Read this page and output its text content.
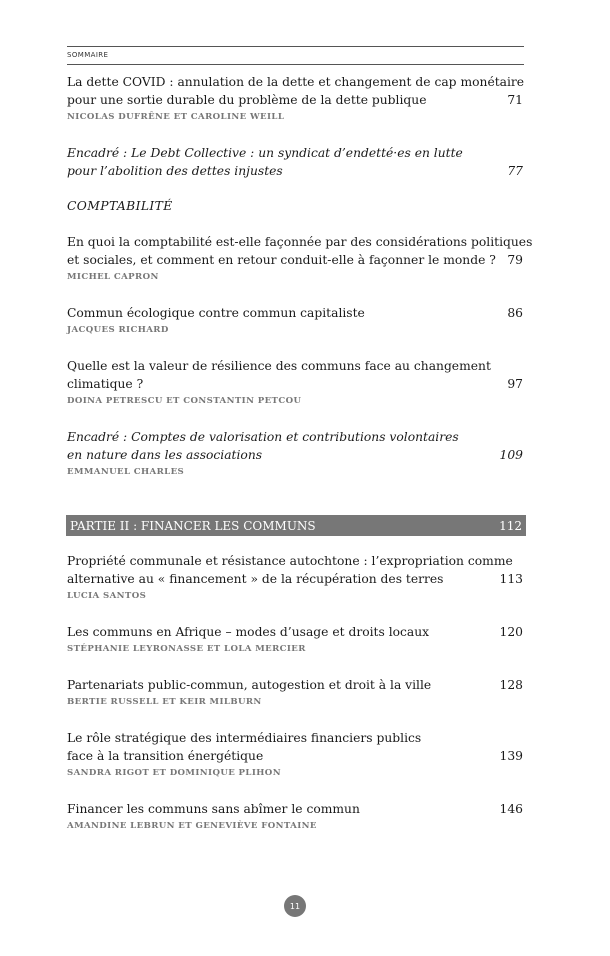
SOMMAIRE
La dette COVID : annulation de la dette et changement de cap monétaire
pour une sortie durable du problème de la dette publique	71
NICOLAS DUFRÊNE ET CAROLINE WEILL
Encadré : Le Debt Collective : un syndicat d’endetté·es en lutte
pour l’abolition des dettes injustes	77
COMPTABILITÉ
En quoi la comptabilité est-elle façonnée par des considérations politiques
et sociales, et comment en retour conduit-elle à façonner le monde ? 79
MICHEL CAPRON
Commun écologique contre commun capitaliste	86
JACQUES RICHARD
Quelle est la valeur de résilience des communs face au changement
climatique ?	97
DOINA PETRESCU ET CONSTANTIN PETCOU
Encadré : Comptes de valorisation et contributions volontaires
en nature dans les associations	109
EMMANUEL CHARLES
PARTIE II : FINANCER LES COMMUNS	112
Propriété communale et résistance autochtone : l’expropriation comme
alternative au « financement » de la récupération des terres	113
LUCIA SANTOS
Les communs en Afrique – modes d’usage et droits locaux	120
STÉPHANIE LEYRONASSE ET LOLA MERCIER
Partenariats public-commun, autogestion et droit à la ville	128
BERTIE RUSSELL ET KEIR MILBURN
Le rôle stratégique des intermédiaires financiers publics
face à la transition énergétique	139
SANDRA RIGOT ET DOMINIQUE PLIHON
Financer les communs sans abîmer le commun	146
AMANDINE LEBRUN ET GENEVIÈVE FONTAINE
11
